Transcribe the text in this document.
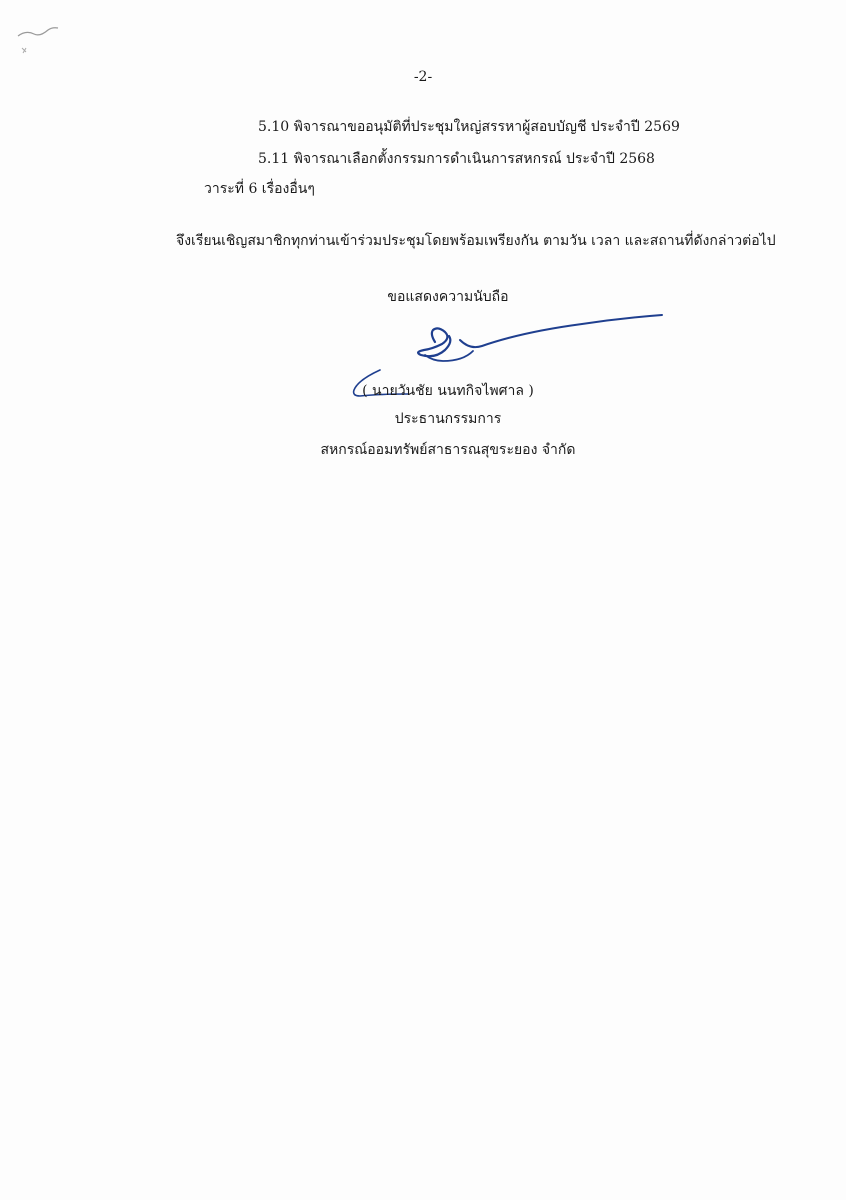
-2-
5.10 พิจารณาขออนุมัติที่ประชุมใหญ่สรรหาผู้สอบบัญชี ประจำปี 2569
5.11 พิจารณาเลือกตั้งกรรมการดำเนินการสหกรณ์ ประจำปี 2568
วาระที่ 6 เรื่องอื่นๆ
จึงเรียนเชิญสมาชิกทุกท่านเข้าร่วมประชุมโดยพร้อมเพรียงกัน ตามวัน เวลา และสถานที่ดังกล่าวต่อไป
ขอแสดงความนับถือ
( นายวันชัย นนทกิจไพศาล )
ประธานกรรมการ
สหกรณ์ออมทรัพย์สาธารณสุขระยอง จำกัด
